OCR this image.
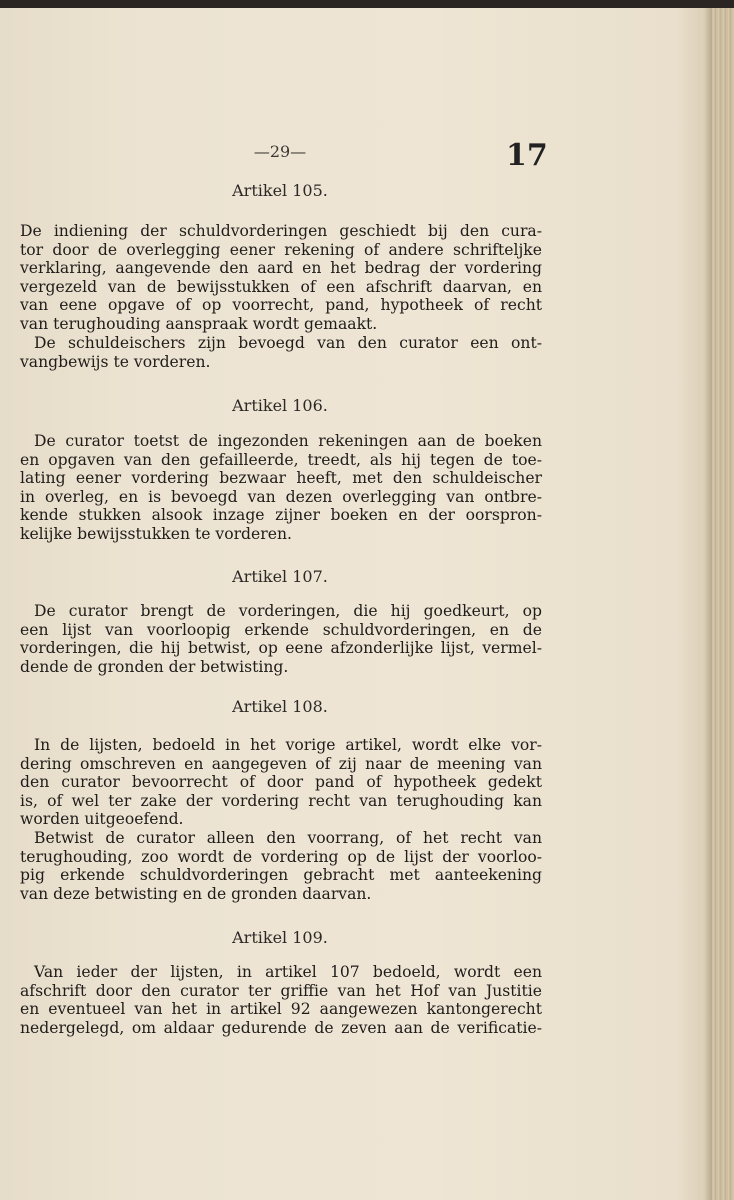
—29—	17
Artikel 105.
De indiening der schuldvorderingen geschiedt bij den cura-
tor door de overlegging eener rekening of andere schrifteljke
verklaring, aangevende den aard en het bedrag der vordering
vergezeld van de bewijsstukken of een afschrift daarvan, en
van eene opgave of op voorrecht, pand, hypotheek of recht
van terughouding aanspraak wordt gemaakt.
De schuldeischers zijn bevoegd van den curator een ont-
vangbewijs te vorderen.
Artikel 106.
De curator toetst de ingezonden rekeningen aan de boeken
en opgaven van den gefailleerde, treedt, als hij tegen de toe-
lating eener vordering bezwaar heeft, met den schuldeischer
in overleg, en is bevoegd van dezen overlegging van ontbre-
kende stukken alsook inzage zijner boeken en der oorspron-
kelijke bewijsstukken te vorderen.
Artikel 107.
De curator brengt de vorderingen, die hij goedkeurt, op
een lijst van voorloopig erkende schuldvorderingen, en de
vorderingen, die hij betwist, op eene afzonderlijke lijst, vermel-
dende de gronden der betwisting.
Artikel 108.
In de lijsten, bedoeld in het vorige artikel, wordt elke vor-
dering omschreven en aangegeven of zij naar de meening van
den curator bevoorrecht of door pand of hypotheek gedekt
is, of wel ter zake der vordering recht van terughouding kan
worden uitgeoefend.
Betwist de curator alleen den voorrang, of het recht van
terughouding, zoo wordt de vordering op de lijst der voorloo-
pig erkende schuldvorderingen gebracht met aanteekening
van deze betwisting en de gronden daarvan.
Artikel 109.
Van ieder der lijsten, in artikel 107 bedoeld, wordt een
afschrift door den curator ter griffie van het Hof van Justitie
en eventueel van het in artikel 92 aangewezen kantongerecht
nedergelegd, om aldaar gedurende de zeven aan de verificatie-
